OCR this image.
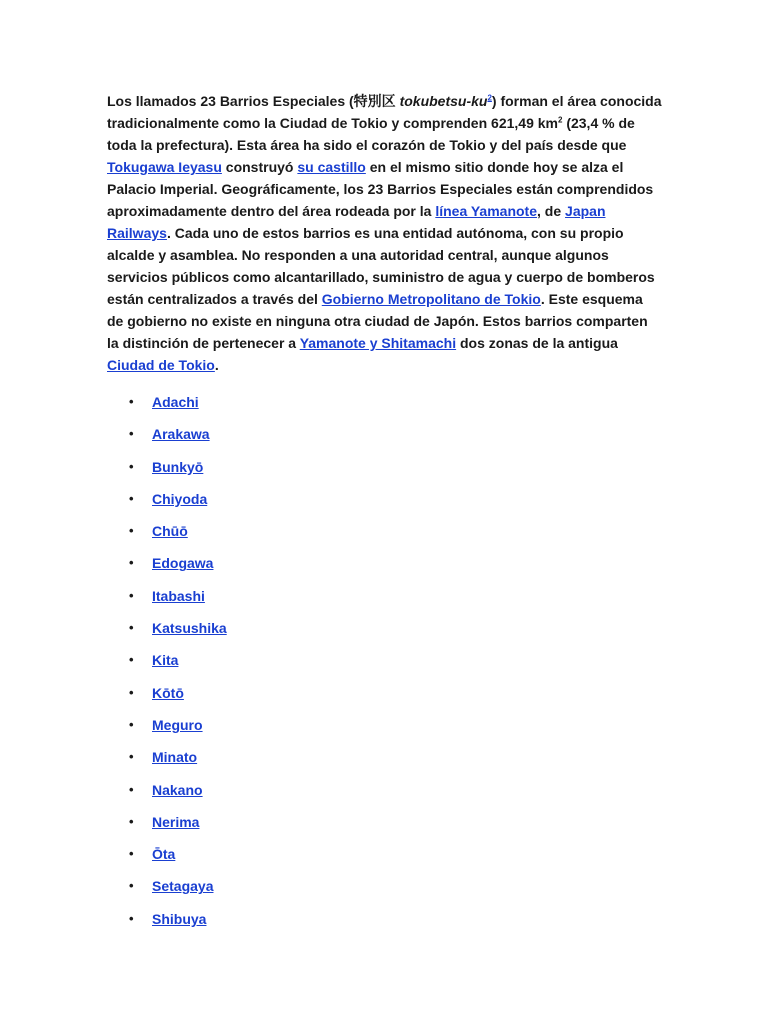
Los llamados 23 Barrios Especiales (特別区 tokubetsu-ku$^2$) forman el área conocida tradicionalmente como la Ciudad de Tokio y comprenden 621,49 $km^2$ (23,4 % de toda la prefectura). Esta área ha sido el corazón de Tokio y del país desde que Tokugawa Ieyasu construyó su castillo en el mismo sitio donde hoy se alza el Palacio Imperial. Geográficamente, los 23 Barrios Especiales están comprendidos aproximadamente dentro del área rodeada por la línea Yamanote, de Japan Railways. Cada uno de estos barrios es una entidad autónoma, con su propio alcalde y asamblea. No responden a una autoridad central, aunque algunos servicios públicos como alcantarillado, suministro de agua y cuerpo de bomberos están centralizados a través del Gobierno Metropolitano de Tokio. Este esquema de gobierno no existe en ninguna otra ciudad de Japón. Estos barrios comparten la distinción de pertenecer a Yamanote y Shitamachi dos zonas de la antigua Ciudad de Tokio.

• Adachi
• Arakawa
• Bunkyō
• Chiyoda
• Chūō
• Edogawa
• Itabashi
• Katsushika
• Kita
• Kōtō
• Meguro
• Minato
• Nakano
• Nerima
• Ōta
• Setagaya
• Shibuya
